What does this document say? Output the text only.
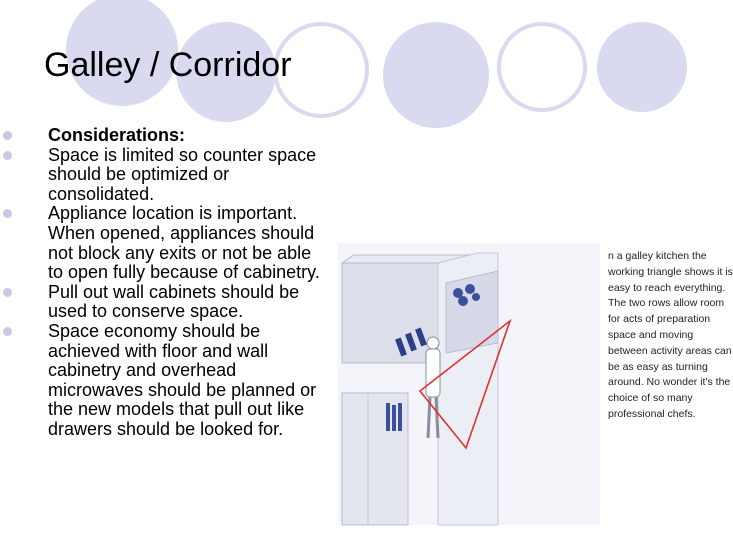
Galley / Corridor
Considerations:
Space is limited so counter space should be optimized or consolidated.
Appliance location is important. When opened, appliances should not block any exits or not be able to open fully because of cabinetry.
Pull out wall cabinets should be used to conserve space.
Space economy should be achieved with floor and wall cabinetry and overhead microwaves should be planned or the new models that pull out like drawers should be looked for.
n a galley kitchen the
working triangle shows it is
easy to reach everything.
The two rows allow room
for acts of preparation
space and moving
between activity areas can
be as easy as turning
around. No wonder it's the
choice of so many
professional chefs.
